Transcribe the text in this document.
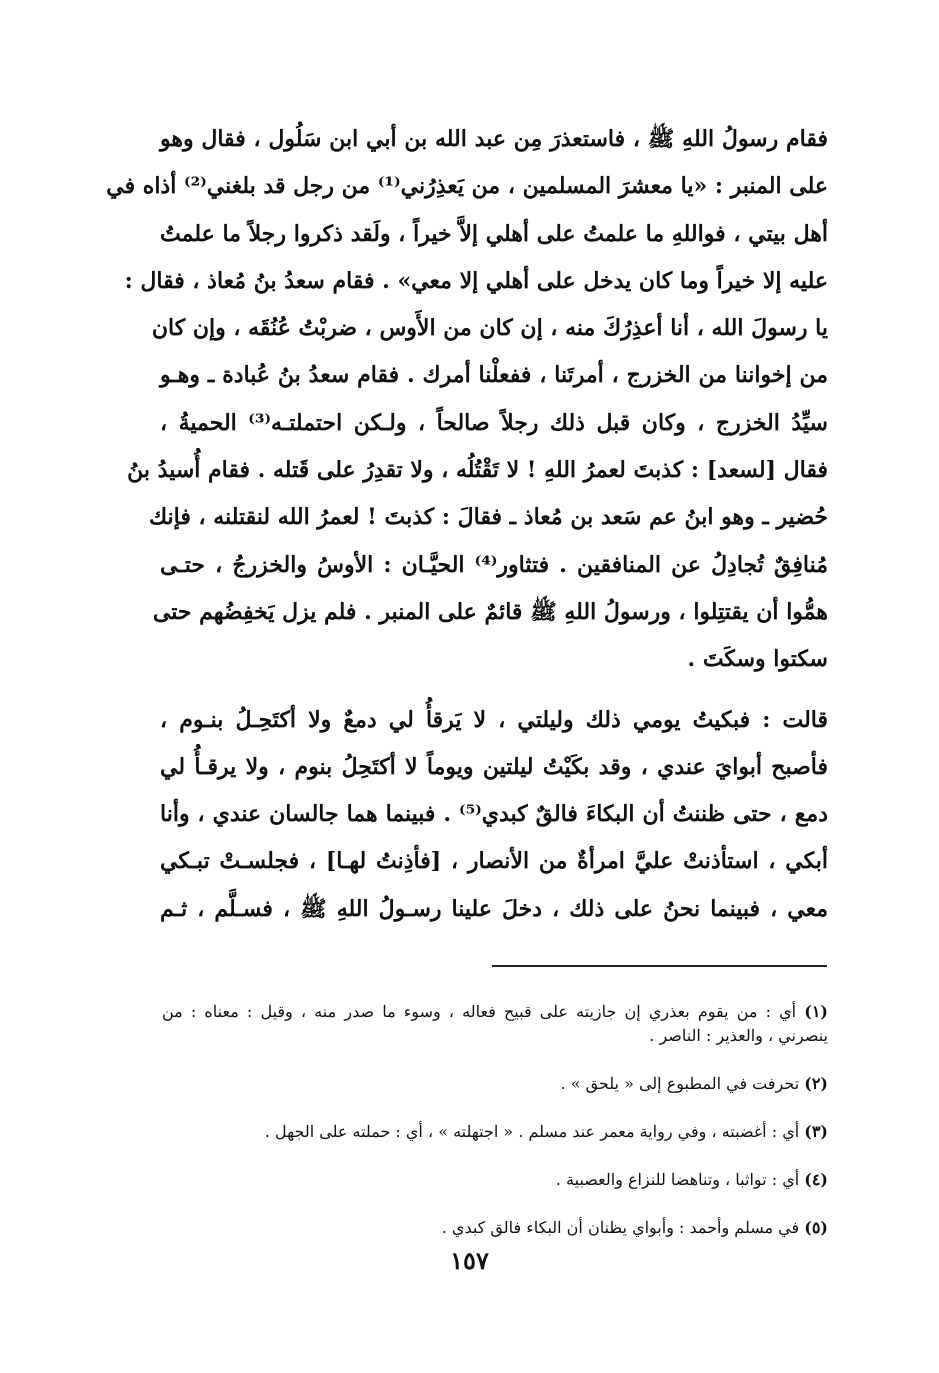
فقام رسولُ اللهِ ﷺ ، فاستعذرَ مِن عبد الله بن أبي ابن سَلُول ، فقال وهو
على المنبر : «يا معشرَ المسلمين ، من يَعذِرُني⁽¹⁾ من رجل قد بلغني⁽²⁾ أذاه في
أهل بيتي ، فواللهِ ما علمتُ على أهلي إلاَّ خيراً ، ولَقد ذكروا رجلاً ما علمتُ
عليه إلا خيراً وما كان يدخل على أهلي إلا معي» . فقام سعدُ بنُ مُعاذ ، فقال :
يا رسولَ الله ، أنا أعذِرُكَ منه ، إن كان من الأَوس ، ضربْتُ عُنُقَه ، وإن كان
من إخواننا من الخزرج ، أمرتَنا ، ففعلْنا أمرك . فقام سعدُ بنُ عُبادة ـ وهـو
سيِّدُ الخزرج ، وكان قبل ذلك رجلاً صالحاً ، ولـكن احتملتـه⁽³⁾ الحميةُ ،
فقال [لسعد] : كذبتَ لعمرُ اللهِ ! لا تَقْتُلُه ، ولا تقدِرُ على قَتله . فقام أُسيدُ بنُ
حُضير ـ وهو ابنُ عم سَعد بن مُعاذ ـ فقالَ : كذبتَ ! لعمرُ الله لنقتلنه ، فإنك
مُنافِقٌ تُجادِلُ عن المنافقين . فتثاور⁽⁴⁾ الحيَّـان : الأوسُ والخزرجُ ، حتـى
همُّوا أن يقتتِلوا ، ورسولُ اللهِ ﷺ قائمٌ على المنبر . فلم يزل يَخفِضُهم حتى
سكتوا وسكَتَ .
قالت : فبكيتُ يومي ذلك وليلتي ، لا يَرقأُ لي دمعٌ ولا أكتَحِـلُ بنـوم ،
فأصبح أبوايَ عندي ، وقد بكَيْتُ ليلتين ويوماً لا أكتَحِلُ بنوم ، ولا يرقـأُ لي
دمع ، حتى ظننتُ أن البكاءَ فالقٌ كبدي⁽⁵⁾ . فبينما هما جالسان عندي ، وأنا
أبكي ، استأذنتْ عليَّ امرأةٌ من الأنصار ، [فأذِنتُ لهـا] ، فجلسـتْ تبـكي
معي ، فبينما نحنُ على ذلك ، دخلَ علينا رسـولُ اللهِ ﷺ ، فسـلَّم ، ثـم
(١) أي : من يقوم بعذري إن جازيته على قبيح فعاله ، وسوء ما صدر منه ، وقيل : معناه : من
ينصرني ، والعذير : الناصر .
(٢) تحرفت في المطبوع إلى « يلحق » .
(٣) أي : أغضبته ، وفي رواية معمر عند مسلم . « اجتهلته » ، أي : حملته على الجهل .
(٤) أي : تواثبا ، وتناهضا للنزاع والعصبية .
(٥) في مسلم وأحمد : وأبواي يظنان أن البكاء فالق كبدي .
١٥٧
